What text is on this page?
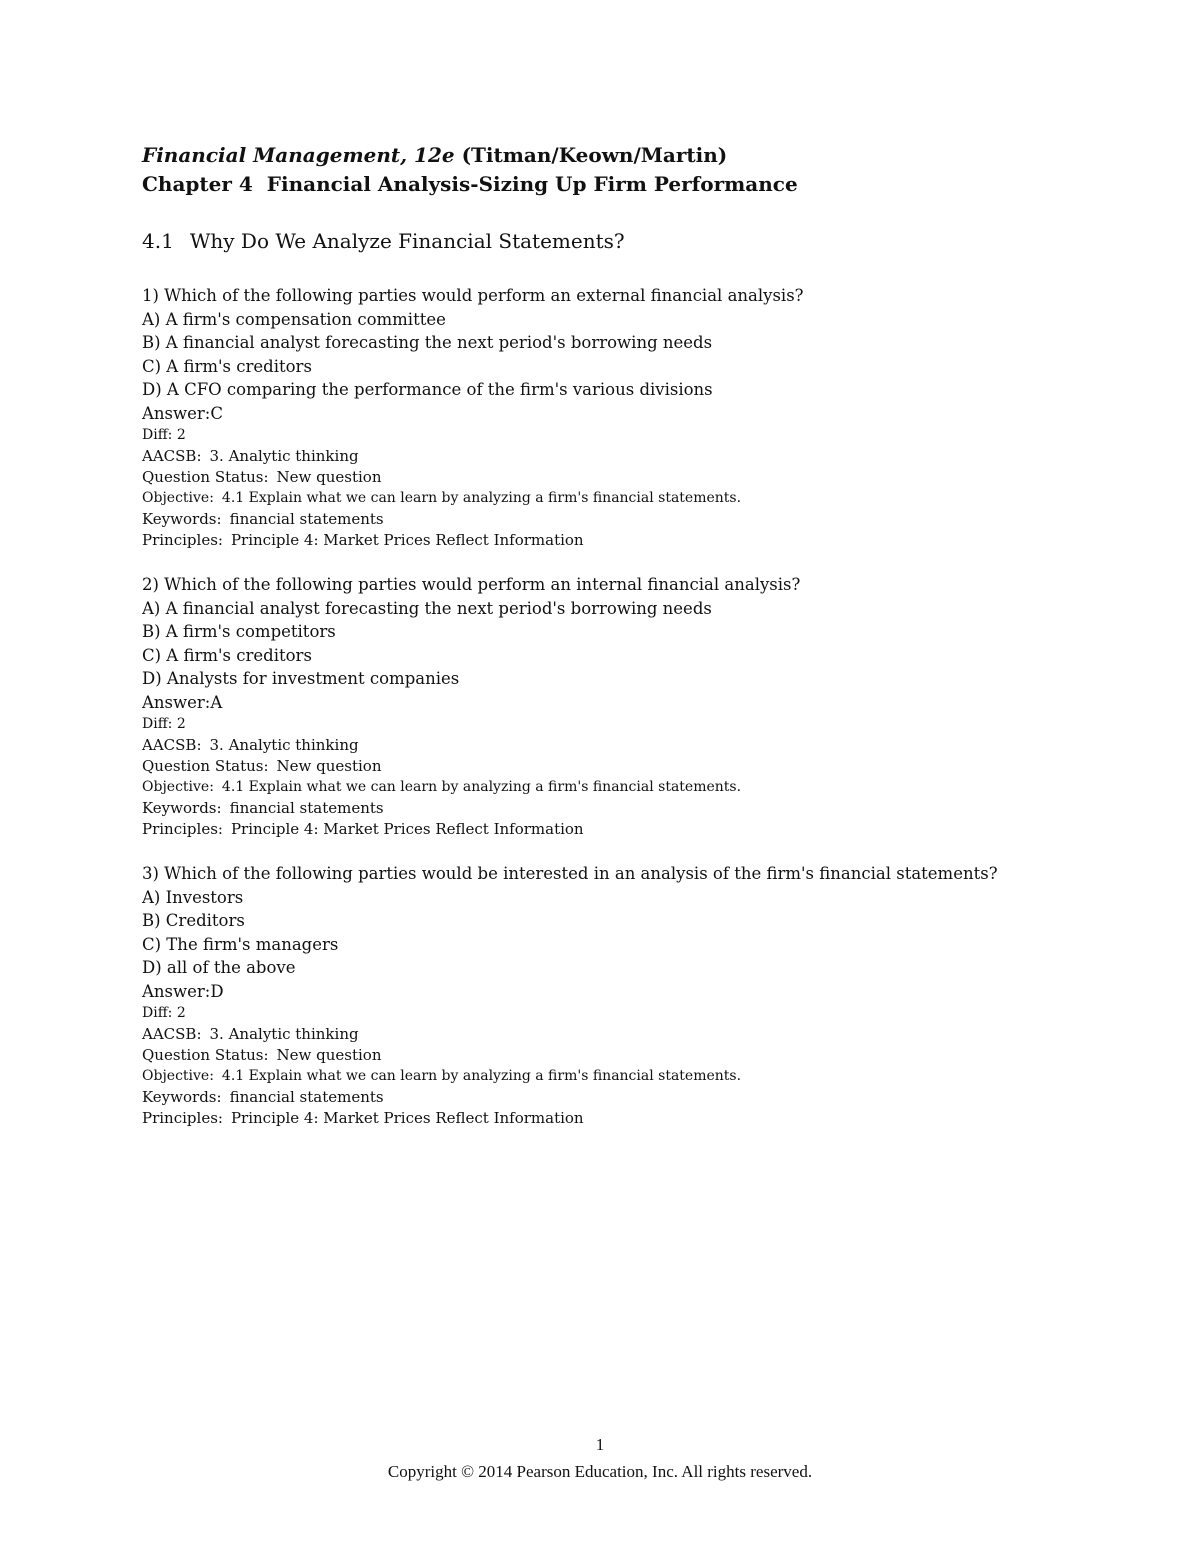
Financial Management, 12e (Titman/Keown/Martin)
Chapter 4 Financial Analysis-Sizing Up Firm Performance
4.1 Why Do We Analyze Financial Statements?
1) Which of the following parties would perform an external financial analysis?
A) A firm's compensation committee
B) A financial analyst forecasting the next period's borrowing needs
C) A firm's creditors
D) A CFO comparing the performance of the firm's various divisions
Answer:C
Diff: 2
AACSB: 3. Analytic thinking
Question Status: New question
Objective: 4.1 Explain what we can learn by analyzing a firm's financial statements.
Keywords: financial statements
Principles: Principle 4: Market Prices Reflect Information
2) Which of the following parties would perform an internal financial analysis?
A) A financial analyst forecasting the next period's borrowing needs
B) A firm's competitors
C) A firm's creditors
D) Analysts for investment companies
Answer:A
Diff: 2
AACSB: 3. Analytic thinking
Question Status: New question
Objective: 4.1 Explain what we can learn by analyzing a firm's financial statements.
Keywords: financial statements
Principles: Principle 4: Market Prices Reflect Information
3) Which of the following parties would be interested in an analysis of the firm's financial statements?
A) Investors
B) Creditors
C) The firm's managers
D) all of the above
Answer:D
Diff: 2
AACSB: 3. Analytic thinking
Question Status: New question
Objective: 4.1 Explain what we can learn by analyzing a firm's financial statements.
Keywords: financial statements
Principles: Principle 4: Market Prices Reflect Information
1
Copyright © 2014 Pearson Education, Inc. All rights reserved.
